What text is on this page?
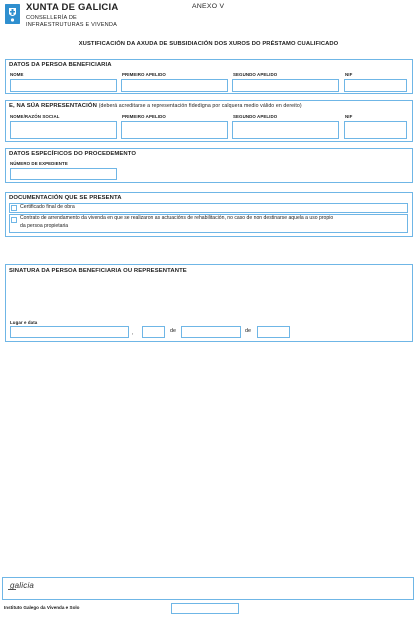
XUNTA DE GALICIA
CONSELLERÍA DE
INFRAESTRUTURAS E VIVENDA
ANEXO V
XUSTIFICACIÓN DA AXUDA DE SUBSIDIACIÓN DOS XUROS DO PRÉSTAMO CUALIFICADO
DATOS DA PERSOA BENEFICIARIA
NOME	PRIMEIRO APELIDO	SEGUNDO APELIDO	NIF
E, NA SÚA REPRESENTACIÓN (deberá acreditarse a representación fidedigna por calquera medio válido en dereito)
NOME/RAZÓN SOCIAL	PRIMEIRO APELIDO	SEGUNDO APELIDO	NIF
DATOS ESPECÍFICOS DO PROCEDEMENTO
NÚMERO DE EXPEDIENTE
DOCUMENTACIÓN QUE SE PRESENTA
Certificado final de obra
Contrato de arrendamento da vivenda en que se realizaron as actuacións de rehabilitación, no caso de non destinarse aquela a uso propio
da persoa propietaria
SINATURA DA PERSOA BENEFICIARIA OU REPRESENTANTE
Lugar e data
,	de	de
galicia
Instituto Galego da Vivenda e Solo
